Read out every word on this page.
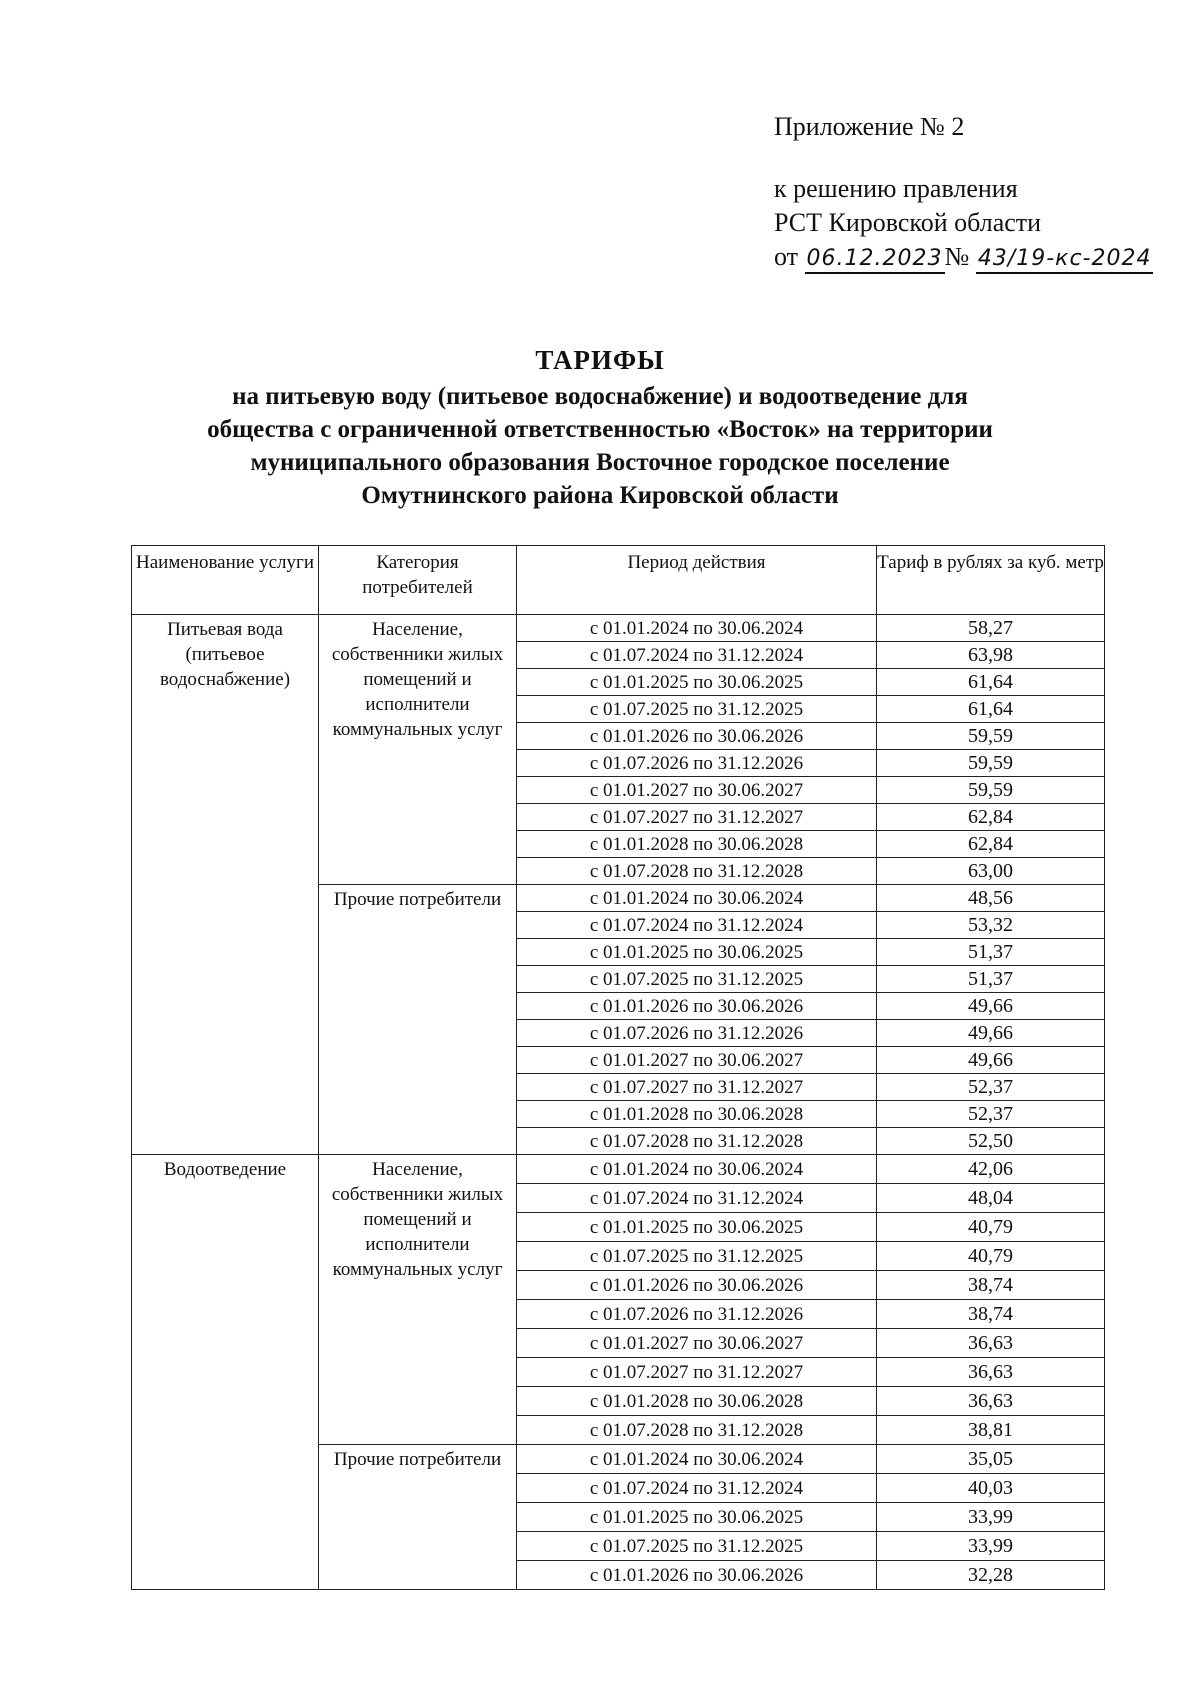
Приложение № 2
к решению правления
РСТ Кировской области
от 06.12.2023№ 43/19-кс-2024
ТАРИФЫ
на питьевую воду (питьевое водоснабжение) и водоотведение для
общества с ограниченной ответственностью «Восток» на территории
муниципального образования Восточное городское поселение
Омутнинского района Кировской области
Наименование услуги	Категория потребителей	Период действия	Тариф в рублях за куб. метр
Питьевая вода (питьевое водоснабжение)	Население, собственники жилых помещений и исполнители коммунальных услуг	с 01.01.2024 по 30.06.2024	58,27
		с 01.07.2024 по 31.12.2024	63,98
		с 01.01.2025 по 30.06.2025	61,64
		с 01.07.2025 по 31.12.2025	61,64
		с 01.01.2026 по 30.06.2026	59,59
		с 01.07.2026 по 31.12.2026	59,59
		с 01.01.2027 по 30.06.2027	59,59
		с 01.07.2027 по 31.12.2027	62,84
		с 01.01.2028 по 30.06.2028	62,84
		с 01.07.2028 по 31.12.2028	63,00
	Прочие потребители	с 01.01.2024 по 30.06.2024	48,56
		с 01.07.2024 по 31.12.2024	53,32
		с 01.01.2025 по 30.06.2025	51,37
		с 01.07.2025 по 31.12.2025	51,37
		с 01.01.2026 по 30.06.2026	49,66
		с 01.07.2026 по 31.12.2026	49,66
		с 01.01.2027 по 30.06.2027	49,66
		с 01.07.2027 по 31.12.2027	52,37
		с 01.01.2028 по 30.06.2028	52,37
		с 01.07.2028 по 31.12.2028	52,50
Водоотведение	Население, собственники жилых помещений и исполнители коммунальных услуг	с 01.01.2024 по 30.06.2024	42,06
		с 01.07.2024 по 31.12.2024	48,04
		с 01.01.2025 по 30.06.2025	40,79
		с 01.07.2025 по 31.12.2025	40,79
		с 01.01.2026 по 30.06.2026	38,74
		с 01.07.2026 по 31.12.2026	38,74
		с 01.01.2027 по 30.06.2027	36,63
		с 01.07.2027 по 31.12.2027	36,63
		с 01.01.2028 по 30.06.2028	36,63
		с 01.07.2028 по 31.12.2028	38,81
	Прочие потребители	с 01.01.2024 по 30.06.2024	35,05
		с 01.07.2024 по 31.12.2024	40,03
		с 01.01.2025 по 30.06.2025	33,99
		с 01.07.2025 по 31.12.2025	33,99
		с 01.01.2026 по 30.06.2026	32,28
